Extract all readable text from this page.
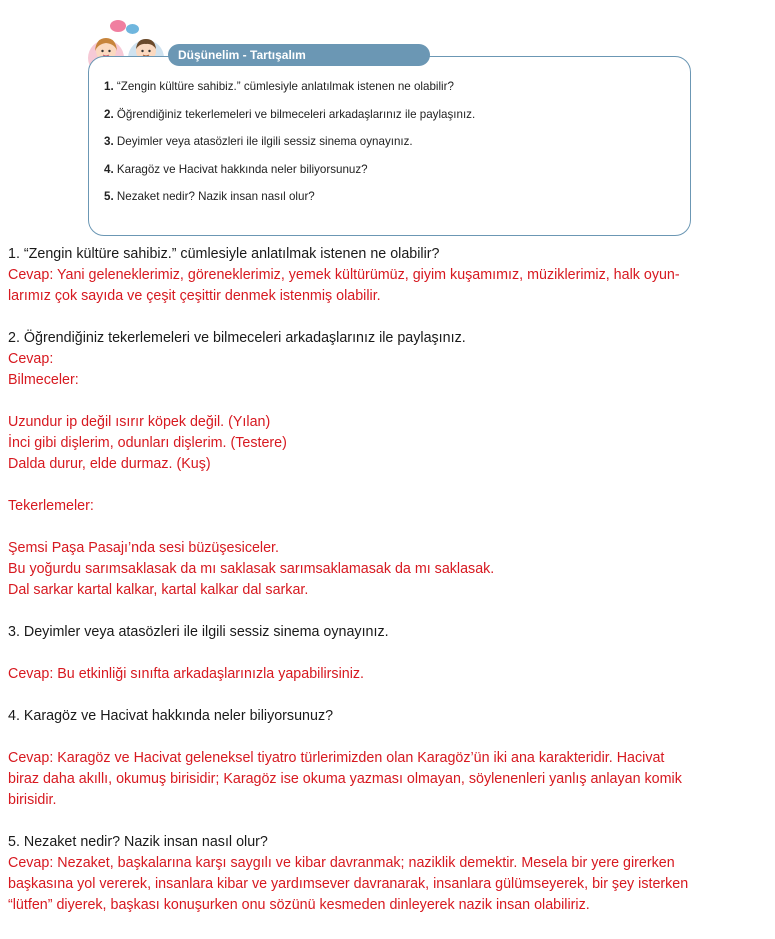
Düşünelim - Tartışalım
1. “Zengin kültüre sahibiz.” cümlesiyle anlatılmak istenen ne olabilir?
2. Öğrendiğiniz tekerlemeleri ve bilmeceleri arkadaşlarınız ile paylaşınız.
3. Deyimler veya atasözleri ile ilgili sessiz sinema oynayınız.
4. Karagöz ve Hacivat hakkında neler biliyorsunuz?
5. Nezaket nedir? Nazik insan nasıl olur?
1. “Zengin kültüre sahibiz.” cümlesiyle anlatılmak istenen ne olabilir?
Cevap: Yani geleneklerimiz, göreneklerimiz, yemek kültürümüz, giyim kuşamımız, müziklerimiz, halk oyun-
larımız çok sayıda ve çeşit çeşittir denmek istenmiş olabilir.
2. Öğrendiğiniz tekerlemeleri ve bilmeceleri arkadaşlarınız ile paylaşınız.
Cevap:
Bilmeceler:
Uzundur ip değil ısırır köpek değil. (Yılan)
İnci gibi dişlerim, odunları dişlerim. (Testere)
Dalda durur, elde durmaz. (Kuş)
Tekerlemeler:
Şemsi Paşa Pasajı’nda sesi büzüşesiceler.
Bu yoğurdu sarımsaklasak da mı saklasak sarımsaklamasak da mı saklasak.
Dal sarkar kartal kalkar, kartal kalkar dal sarkar.
3. Deyimler veya atasözleri ile ilgili sessiz sinema oynayınız.
Cevap: Bu etkinliği sınıfta arkadaşlarınızla yapabilirsiniz.
4. Karagöz ve Hacivat hakkında neler biliyorsunuz?
Cevap: Karagöz ve Hacivat geleneksel tiyatro türlerimizden olan Karagöz’ün iki ana karakteridir. Hacivat
biraz daha akıllı, okumuş birisidir; Karagöz ise okuma yazması olmayan, söylenenleri yanlış anlayan komik
birisidir.
5. Nezaket nedir? Nazik insan nasıl olur?
Cevap: Nezaket, başkalarına karşı saygılı ve kibar davranmak; naziklik demektir. Mesela bir yere girerken
başkasına yol vererek, insanlara kibar ve yardımsever davranarak, insanlara gülümseyerek, bir şey isterken
“lütfen” diyerek, başkası konuşurken onu sözünü kesmeden dinleyerek nazik insan olabiliriz.
